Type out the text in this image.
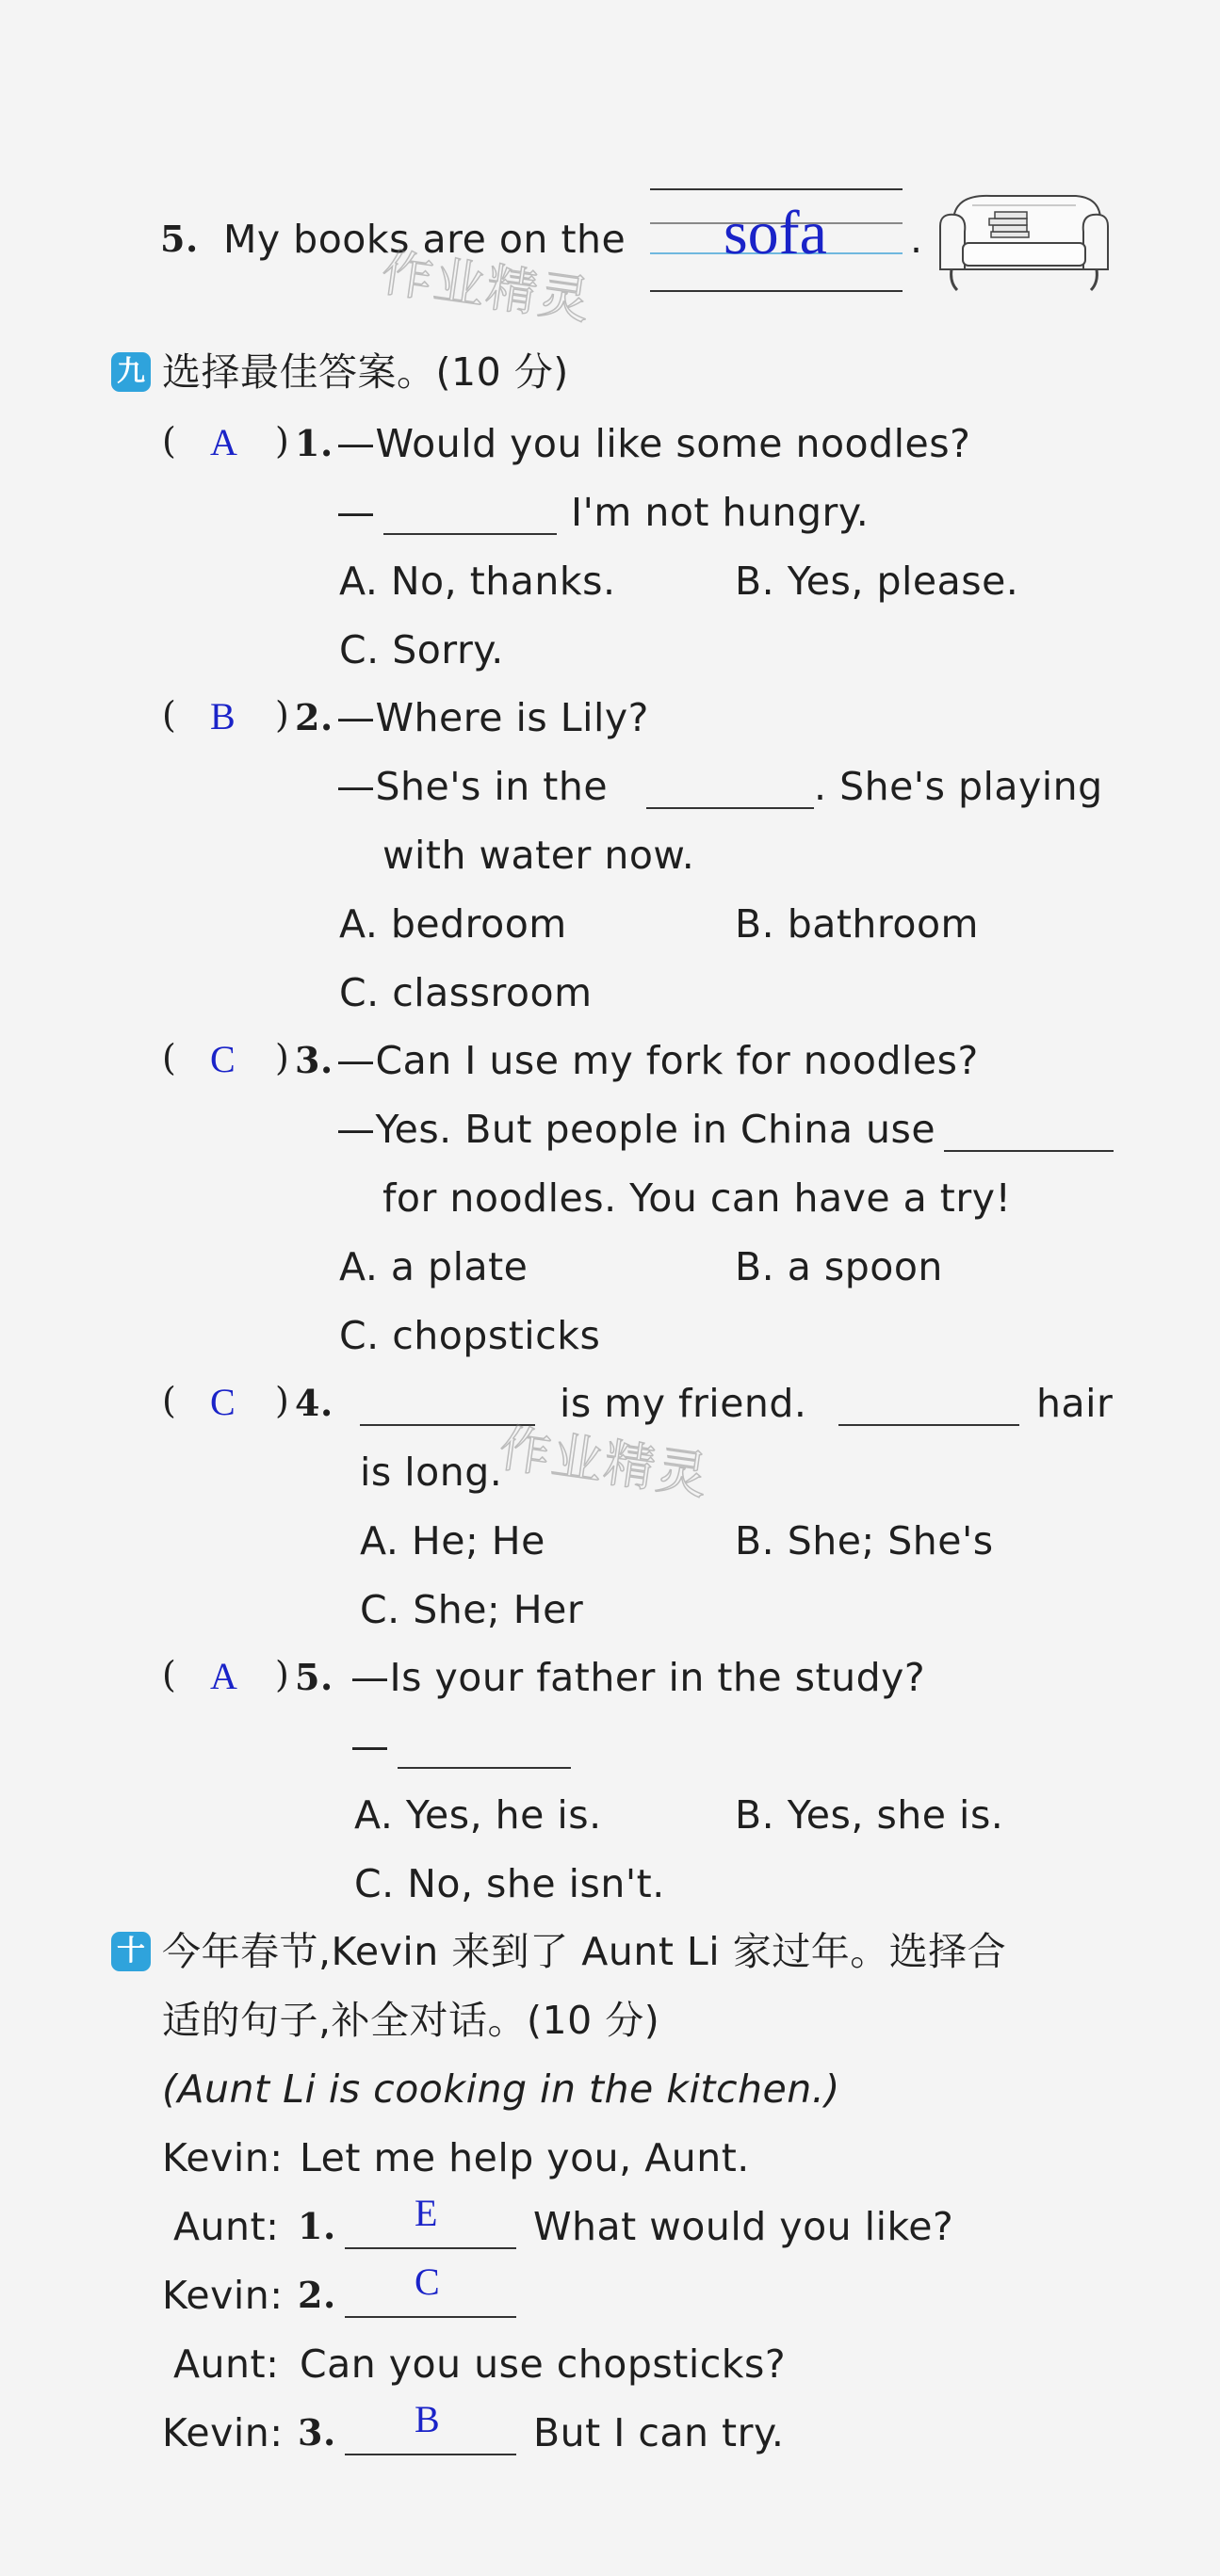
5. My books are on the sofa .
作业精灵
九 选择最佳答案。(10 分)
( A ) 1. —Would you like some noodles?
—	I'm not hungry.
A. No, thanks.	B. Yes, please.
C. Sorry.
( B ) 2. —Where is Lily?
—She's in the	. She's playing
with water now.
A. bedroom	B. bathroom
C. classroom
( C ) 3. —Can I use my fork for noodles?
—Yes. But people in China use
for noodles. You can have a try!
A. a plate	B. a spoon
C. chopsticks
( C ) 4.	is my friend.	hair
is long.
作业精灵
A. He; He	B. She; She's
C. She; Her
( A ) 5. —Is your father in the study?
—
A. Yes, he is.	B. Yes, she is.
C. No, she isn't.
十 今年春节,Kevin 来到了 Aunt Li 家过年。选择合
适的句子,补全对话。(10 分)
(Aunt Li is cooking in the kitchen.)
Kevin: Let me help you, Aunt.
Aunt: 1. E What would you like?
Kevin: 2. C
Aunt: Can you use chopsticks?
Kevin: 3. B But I can try.
